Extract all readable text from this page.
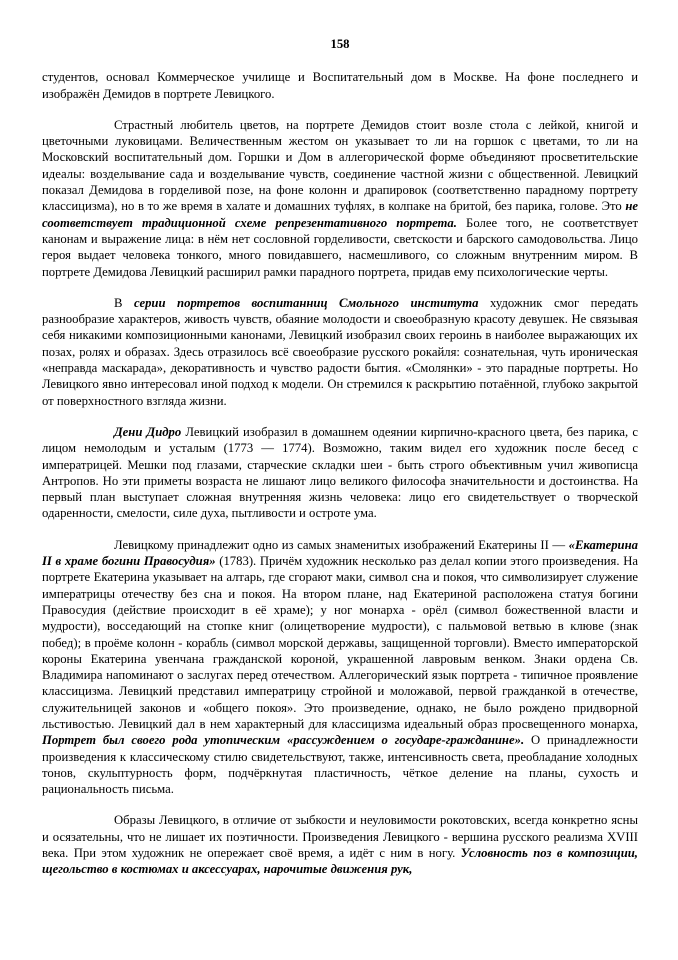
158

студентов, основал Коммерческое училище и Воспитательный дом в Москве. На фоне последнего и изображён Демидов в портрете Левицкого.

Страстный любитель цветов, на портрете Демидов стоит возле стола с лейкой, книгой и цветочными луковицами. Величественным жестом он указывает то ли на горшок с цветами, то ли на Московский воспитательный дом. Горшки и Дом в аллегорической форме объединяют просветительские идеалы: возделывание сада и возделывание чувств, соединение частной жизни с общественной. Левицкий показал Демидова в горделивой позе, на фоне колонн и драпировок (соответственно парадному портрету классицизма), но в то же время в халате и домашних туфлях, в колпаке на бритой, без парика, голове. Это не соответствует традиционной схеме репрезентативного портрета. Более того, не соответствует канонам и выражение лица: в нём нет сословной горделивости, светскости и барского самодовольства. Лицо героя выдает человека тонкого, много повидавшего, насмешливого, со сложным внутренним миром. В портрете Демидова Левицкий расширил рамки парадного портрета, придав ему психологические черты.

В серии портретов воспитанниц Смольного института художник смог передать разнообразие характеров, живость чувств, обаяние молодости и своеобразную красоту девушек. Не связывая себя никакими композиционными канонами, Левицкий изобразил своих героинь в наиболее выражающих их позах, ролях и образах. Здесь отразилось всё своеобразие русского рокайля: сознательная, чуть ироническая «неправда маскарада», декоративность и чувство радости бытия. «Смолянки» - это парадные портреты. Но Левицкого явно интересовал иной подход к модели. Он стремился к раскрытию потаённой, глубоко закрытой от поверхностного взгляда жизни.

Дени Дидро Левицкий изобразил в домашнем одеянии кирпично-красного цвета, без парика, с лицом немолодым и усталым (1773 — 1774). Возможно, таким видел его художник после бесед с императрицей. Мешки под глазами, старческие складки шеи - быть строго объективным учил живописца Антропов. Но эти приметы возраста не лишают лицо великого философа значительности и достоинства. На первый план выступает сложная внутренняя жизнь человека: лицо его свидетельствует о творческой одаренности, смелости, силе духа, пытливости и остроте ума.

Левицкому принадлежит одно из самых знаменитых изображений Екатерины II — «Екатерина II в храме богини Правосудия» (1783). Причём художник несколько раз делал копии этого произведения. На портрете Екатерина указывает на алтарь, где сгорают маки, символ сна и покоя, что символизирует служение императрицы отечеству без сна и покоя. На втором плане, над Екатериной расположена статуя богини Правосудия (действие происходит в её храме); у ног монарха - орёл (символ божественной власти и мудрости), восседающий на стопке книг (олицетворение мудрости), с пальмовой ветвью в клюве (знак побед); в проёме колонн - корабль (символ морской державы, защищенной торговли). Вместо императорской короны Екатерина увенчана гражданской короной, украшенной лавровым венком. Знаки ордена Св. Владимира напоминают о заслугах перед отечеством. Аллегорический язык портрета - типичное проявление классицизма. Левицкий представил императрицу стройной и моложавой, первой гражданкой в отечестве, служительницей законов и «общего покоя». Это произведение, однако, не было рождено придворной льстивостью. Левицкий дал в нем характерный для классицизма идеальный образ просвещенного монарха, Портрет был своего рода утопическим «рассуждением о государе-гражданине». О принадлежности произведения к классическому стилю свидетельствуют, также, интенсивность света, преобладание холодных тонов, скульптурность форм, подчёркнутая пластичность, чёткое деление на планы, сухость и рациональность письма.

Образы Левицкого, в отличие от зыбкости и неуловимости рокотовских, всегда конкретно ясны и осязательны, что не лишает их поэтичности. Произведения Левицкого - вершина русского реализма XVIII века. При этом художник не опережает своё время, а идёт с ним в ногу. Условность поз в композиции, щегольство в костюмах и аксессуарах, нарочитые движения рук,
